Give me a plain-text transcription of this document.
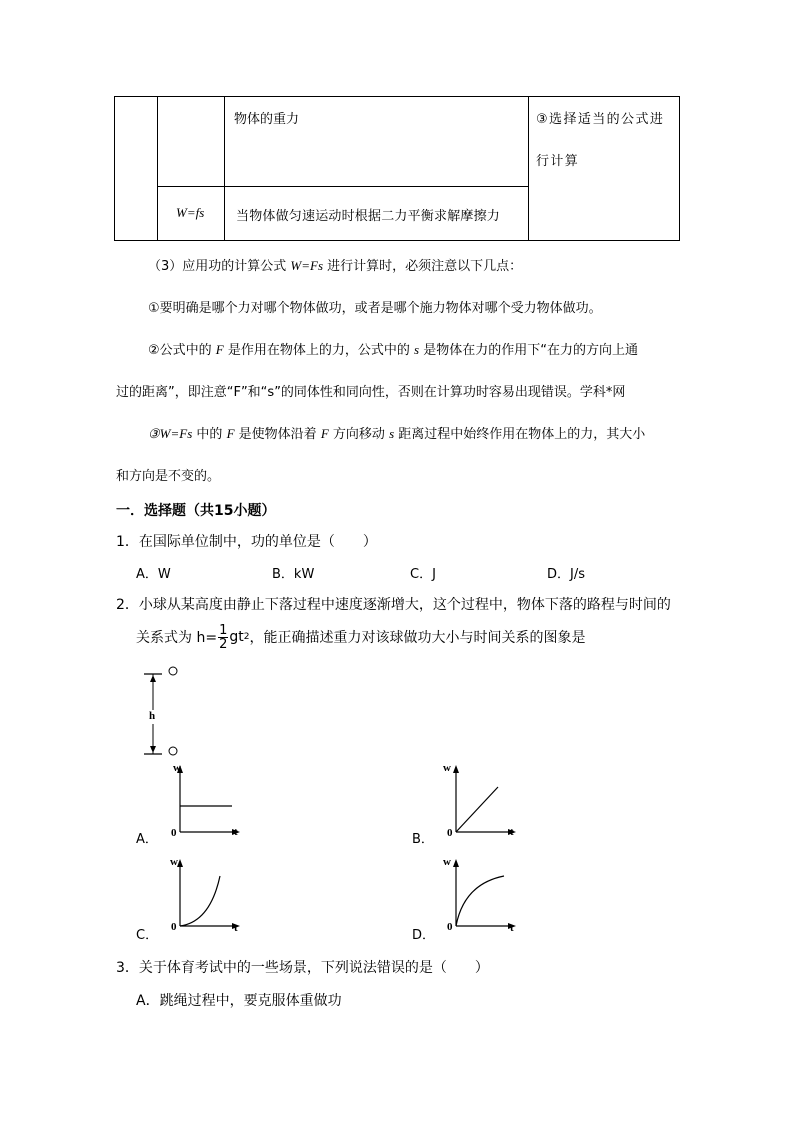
物体的重力
W=fs 当物体做匀速运动时根据二力平衡求解摩擦力
③选择适当的公式进
行计算
（3）应用功的计算公式 W=Fs 进行计算时，必须注意以下几点：
①要明确是哪个力对哪个物体做功，或者是哪个施力物体对哪个受力物体做功。
②公式中的 F 是作用在物体上的力，公式中的 s 是物体在力的作用下“在力的方向上通
过的距离”，即注意“F”和“s”的同体性和同向性，否则在计算功时容易出现错误。学科*网
③W=Fs 中的 F 是使物体沿着 F 方向移动 s 距离过程中始终作用在物体上的力，其大小
和方向是不变的。
一．选择题（共15小题）
1．在国际单位制中，功的单位是（　　）
A．W	B．kW	C．J	D．J/s
2．小球从某高度由静止下落过程中速度逐渐增大，这个过程中，物体下落的路程与时间的
关系式为 $h= \frac{1}{2}$ gt 2 ，能正确描述重力对该球做功大小与时间关系的图象是
h
A．
w
t
0	B．
w
t
0
C．
w
t
0
D．
w
t
0
3．关于体育考试中的一些场景，下列说法错误的是（　　）
A．跳绳过程中，要克服体重做功
